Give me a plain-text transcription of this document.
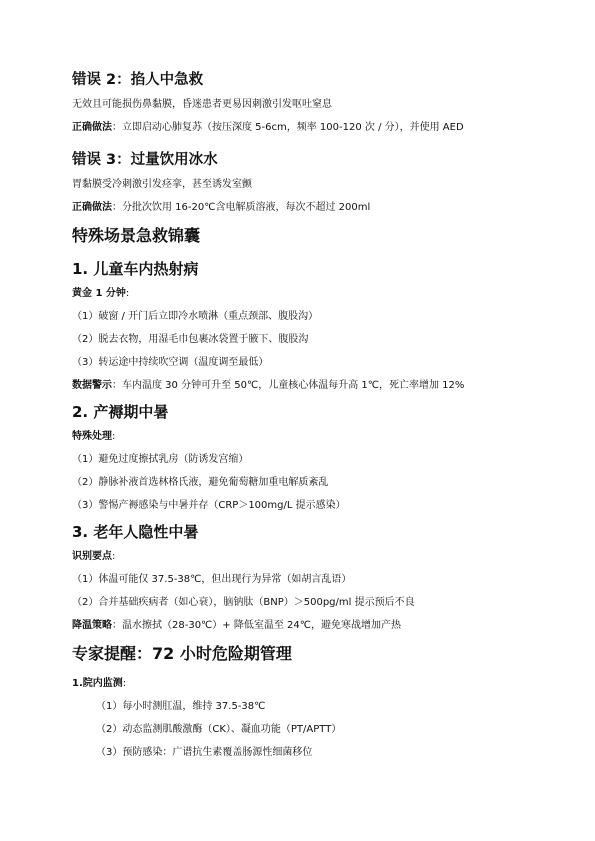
错误 2：掐人中急救

无效且可能损伤鼻黏膜，昏迷患者更易因刺激引发呕吐窒息

正确做法：立即启动心肺复苏（按压深度 5-6cm，频率 100-120 次 / 分），并使用 AED

错误 3：过量饮用冰水

胃黏膜受冷刺激引发痉挛，甚至诱发室颤

正确做法：分批次饮用 16-20℃含电解质溶液，每次不超过 200ml

特殊场景急救锦囊
1. 儿童车内热射病

黄金 1 分钟:

（1）破窗 / 开门后立即冷水喷淋（重点颈部、腹股沟）

（2）脱去衣物，用湿毛巾包裹冰袋置于腋下、腹股沟

（3）转运途中持续吹空调（温度调至最低）

数据警示：车内温度 30 分钟可升至 50℃，儿童核心体温每升高 1℃，死亡率增加 12%

2. 产褥期中暑

特殊处理:

（1）避免过度擦拭乳房（防诱发宫缩）

（2）静脉补液首选林格氏液，避免葡萄糖加重电解质紊乱

（3）警惕产褥感染与中暑并存（CRP＞100mg/L 提示感染）

3. 老年人隐性中暑

识别要点:

（1）体温可能仅 37.5-38℃，但出现行为异常（如胡言乱语）

（2）合并基础疾病者（如心衰），脑钠肽（BNP）＞500pg/ml 提示预后不良

降温策略：温水擦拭（28-30℃）+ 降低室温至 24℃，避免寒战增加产热

专家提醒：72 小时危险期管理

1.院内监测:

（1）每小时测肛温，维持 37.5-38℃

（2）动态监测肌酸激酶（CK）、凝血功能（PT/APTT）

（3）预防感染：广谱抗生素覆盖肠源性细菌移位
